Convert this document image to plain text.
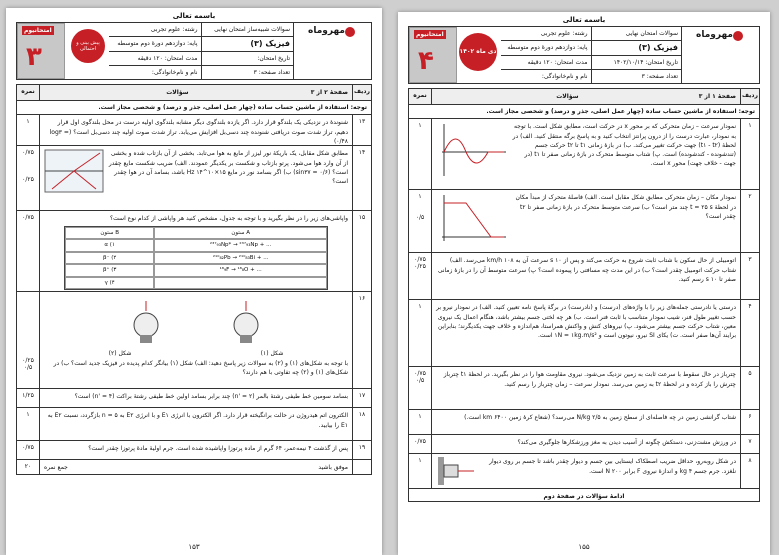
باسمه تعالی
مهروماه
سوالات شبیه‌ساز امتحان نهایی
رشته: علوم تجربی
فیزیک (۳)
پایه: دوازدهم دورهٔ دوم متوسطه
تاریخ امتحان:
مدت امتحان: ۱۲۰ دقیقه
تعداد صفحه: ۳
نام و نام‌خانوادگی:
امتحانیوم
۳	پیش بینی و احتمالی
ردیف
صفحهٔ ۲ از ۳
سؤالات
نمره
توجه: استفاده از ماشین حساب ساده (چهار عمل اصلی، جذر و درصد) و شخصی مجاز است.
۱۳
شنوندهٔ در نزدیکی یک بلندگو قرار دارد. اگر یازده بلندگوی دیگر مشابه بلندگوی اولیه درست در محل بلندگوی اول قرار دهیم، تراز شدت صوت دریافتی شنونده چند دسی‌بل افزایش می‌یابد. تراز شدت صوت اولیه چند دسی‌بل است؟ (log۳ = ۰/۴۸)
۱
۱۴
مطابق شکل مقابل، یک باریکهٔ نور لیزر از مایع به هوا می‌تابد. بخشی از آن بازتاب شده و بخشی از آن وارد هوا می‌شود. پرتو بازتاب و شکست بر یکدیگر عمودند. الف) ضریب شکست مایع چقدر است؟ (sin۳۷ = ۰/۶) ب) اگر بسامد نور در مایع ۱۵×۱۰^۱۴ Hz باشد، بسامد آن در هوا چقدر است؟
۰/۷۵
۰/۲۵
۱۵
واپاشی‌های زیر را در نظر بگیرید و با توجه به جدول، مشخص کنید هر واپاشی از کدام نوع است؟
ستون B	ستون A
α (۱	²³⁷₉₃Np* → ²³⁷₉₃Np + ...
β⁻ (۲	²¹⁰₈₂Pb → ²¹⁰₈₃Bi + ...
β⁺ (۳	¹⁸₉F → ¹⁸₈O + ...
γ (۴
۰/۷۵
۱۶
شکل (۱)
شکل (۲)
با توجه به شکل‌های (۱) و (۲) به سوالات زیر پاسخ دهید: الف) شکل (۱) بیانگر کدام پدیده در فیزیک جدید است؟ ب) در شکل‌های (۱) و (۲) چه تفاوتی با هم دارند؟
۰/۲۵
۰/۵
۱۷
بسامد سومین خط طیفی رشتهٔ بالمر (n' = ۲) چند برابر بسامد اولین خط طیفی رشتهٔ براکت (n' = ۴) است؟
۱/۲۵
۱۸
الکترون اتم هیدروژن در حالت برانگیخته قرار دارد. اگر الکترون با انرژی E۱ و با انرژی E۲ به n = ۵ بازگردد، نسبت E۲ به E۱ را بیابید.
۱
۱۹
پس از گذشت ۴ نیمه‌عمر، ۶۴ گرم از ماده پرتوزا واپاشیده شده است. جرم اولیهٔ مادهٔ پرتوزا چقدر است؟
۰/۷۵
موفق باشید
جمع نمره
۲۰
۱۵۳
باسمه تعالی
مهروماه
سوالات امتحان نهایی
رشته: علوم تجربی
فیزیک (۳)
پایه: دوازدهم دورهٔ دوم متوسطه
تاریخ امتحان: ۱۴۰۲/۱۰/۱۴
مدت امتحان: ۱۲۰ دقیقه
تعداد صفحه: ۳
نام و نام‌خانوادگی:
امتحانیوم
۴	دی ماه ۱۴۰۲
ردیف
صفحهٔ ۱ از ۳
سؤالات
نمره
توجه: استفاده از ماشین حساب ساده (چهار عمل اصلی، جذر و درصد) و شخصی مجاز است.
۱
نمودار سرعت – زمان متحرکی که بر محور x در حرکت است، مطابق شکل است. با توجه به نمودار، عبارت درست را از درون پرانتز انتخاب کنید و به پاسخ برگه منتقل کنید. الف) در لحظهٔ (t۱ - t۲) جهت حرکت تغییر می‌کند. ب) در بازهٔ زمانی t۱ تا t۲ حرکت جسم (تندشونده - کندشونده) است. پ) شتاب متوسط متحرک در بازهٔ زمانی صفر تا t۱ (در جهت - خلاف جهت) محور x است.
۱
۲
نمودار مکان – زمان متحرکی مطابق شکل مقابل است. الف) فاصلهٔ متحرک از مبدأ مکان در لحظهٔ t = ۲۵ s چند متر است؟ ب) سرعت متوسط متحرک در بازهٔ زمانی صفر تا t۲ چقدر است؟
۱
۰/۵
۳
اتومبیلی از حال سکون با شتاب ثابت شروع به حرکت می‌کند و پس از ۱۰ s سرعت آن به ۱۰۸ km/h می‌رسد. الف) شتاب حرکت اتومبیل چقدر است؟ ب) در این مدت چه مسافتی را پیموده است؟ پ) سرعت متوسط آن را در بازهٔ زمانی صفر تا ۱۰ s رسم کنید.
۰/۷۵
۰/۲۵
۴
درستی یا نادرستی جمله‌های زیر را با واژه‌های (درست) و (نادرست) در برگهٔ پاسخ نامه تعیین کنید. الف) در نمودار نیرو بر حسب تغییر طول فنر، شیب نمودار متناسب با ثابت فنر است. ب) هر چه لختی جسم بیشتر باشد، هنگام اعمال یک نیروی معین، شتاب حرکت جسم بیشتر می‌شود. پ) نیروهای کنش و واکنش همراستا، هم‌اندازه و خلاف جهت یکدیگرند؛ بنابراین برایند آن‌ها صفر است. ت) یکای SI نیرو، نیوتون است و ۱N = ۱kg.m/s² است.
۱
۵
چترباز در حال سقوط با سرعت ثابت به زمین نزدیک می‌شود. نیروی مقاومت هوا را در نظر بگیرید. در لحظهٔ t۱ چترباز چترش را باز کرده و در لحظهٔ t۲ به زمین می‌رسد. نمودار سرعت – زمان چترباز را رسم کنید.
۰/۷۵
۰/۵
۶
شتاب گرانشی زمین در چه فاصله‌ای از سطح زمین به ۲/۵ N/kg می‌رسد؟ (شعاع کرهٔ زمین ۶۴۰۰ km است.)
۱
۷
در ورزش مشت‌زنی، دستکش چگونه از آسیب دیدن به مغز ورزشکارها جلوگیری می‌کند؟
۰/۷۵
۸
در شکل روبه‌رو، حداقل ضریب اصطکاک ایستایی بین جسم و دیوار چقدر باشد تا جسم بر روی دیوار نلغزد. جرم جسم ۴ kg و اندازهٔ نیروی F برابر ۲۰۰ N است.
۱
ادامهٔ سؤالات در صفحهٔ دوم
۱۵۵
